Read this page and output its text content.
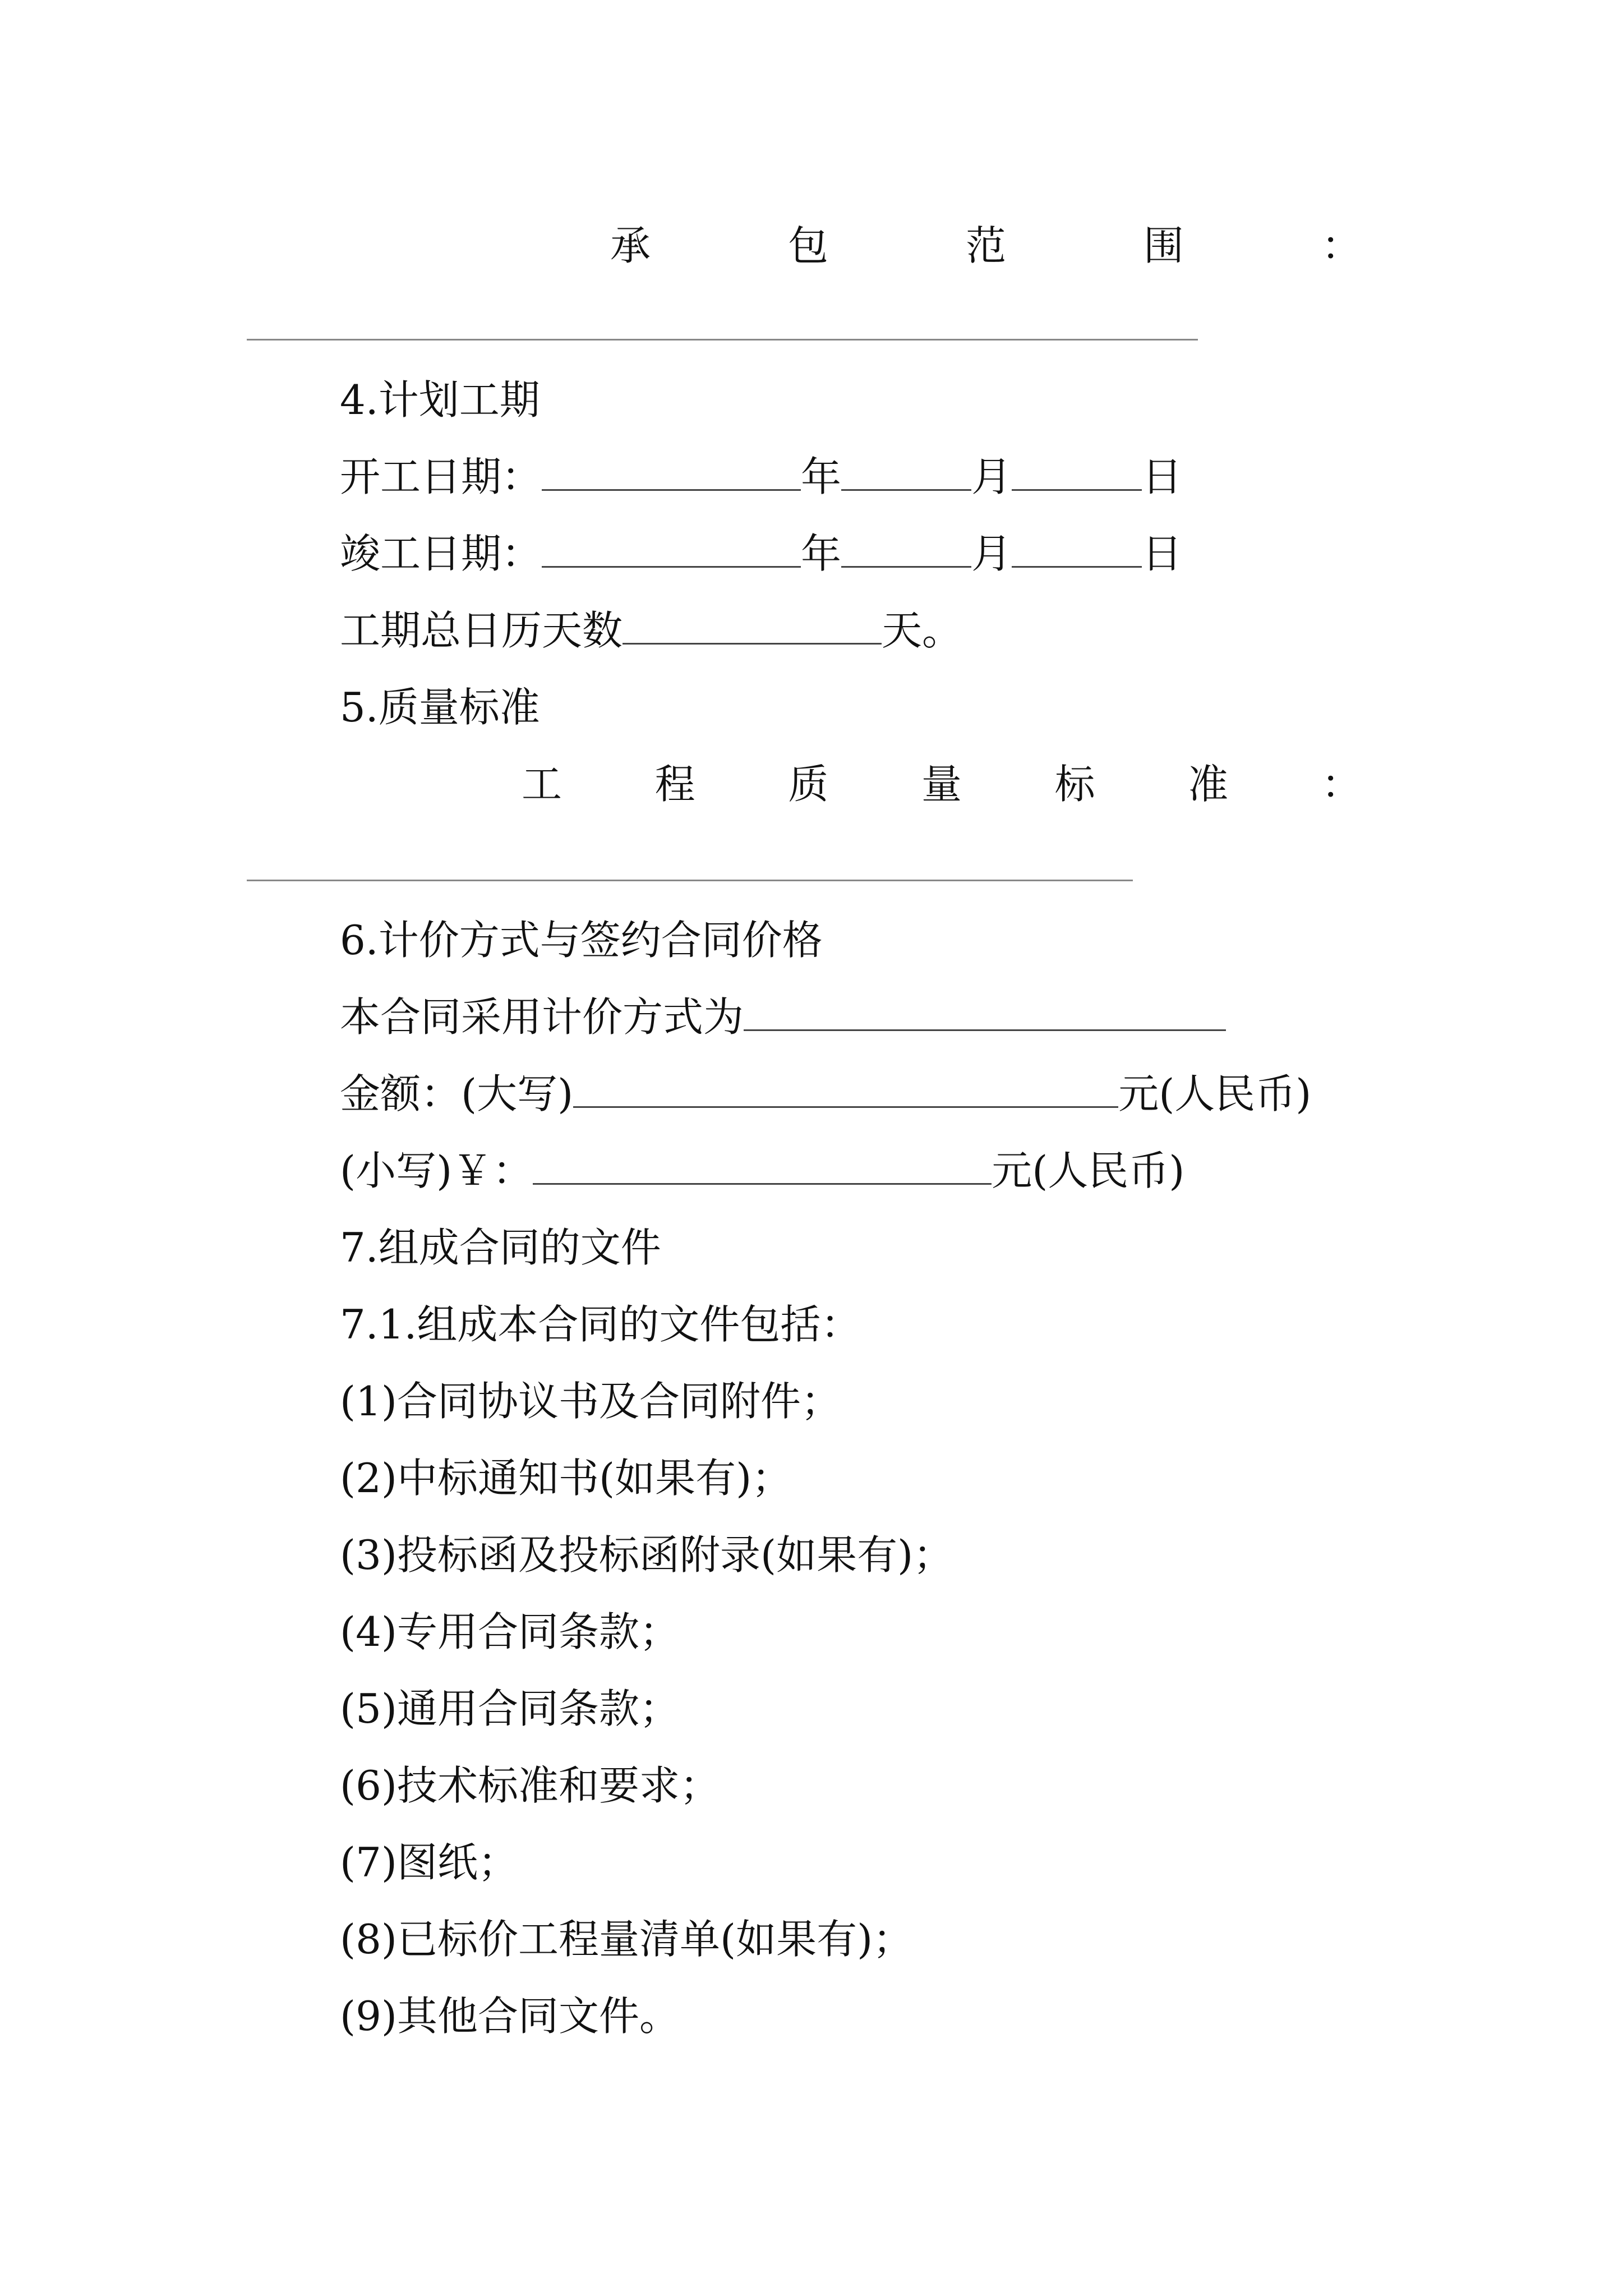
承	包	范	围	：

4.计划工期

开工日期：	年	月	日

竣工日期：	年	月	日

工期总日历天数	天。

5.质量标准

工 程 质 量 标 准 ：

6.计价方式与签约合同价格

本合同采用计价方式为

金额：(大写)	元(人民币)

(小写)￥：	元(人民币)

7.组成合同的文件

7.1.组成本合同的文件包括：

(1)合同协议书及合同附件；

(2)中标通知书(如果有)；

(3)投标函及投标函附录(如果有)；

(4)专用合同条款；

(5)通用合同条款；

(6)技术标准和要求；

(7)图纸；

(8)已标价工程量清单(如果有)；

(9)其他合同文件。
